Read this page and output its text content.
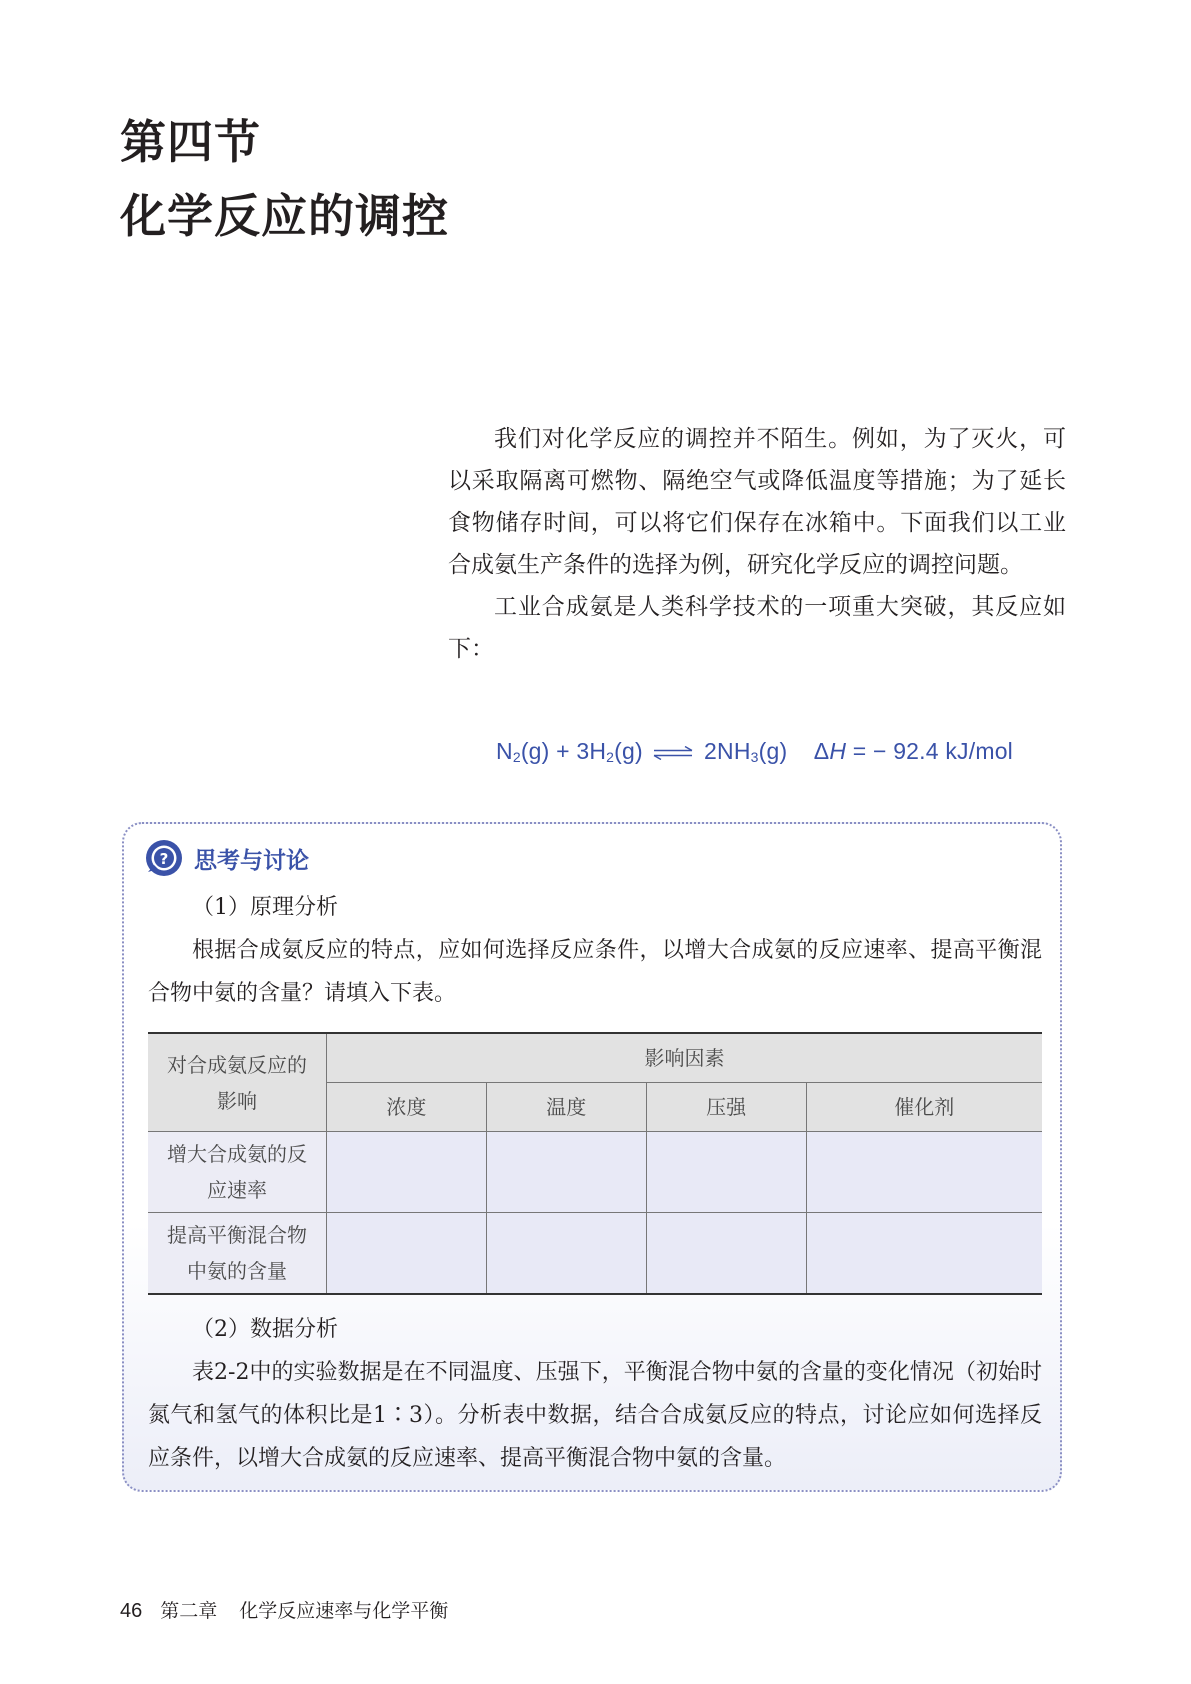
第四节
化学反应的调控

我们对化学反应的调控并不陌生。例如，为了灭火，可以采取隔离可燃物、隔绝空气或降低温度等措施；为了延长食物储存时间，可以将它们保存在冰箱中。下面我们以工业合成氨生产条件的选择为例，研究化学反应的调控问题。

工业合成氨是人类科学技术的一项重大突破，其反应如下：

$N_2(g) + 3H_2(g)$ ⇌ $2NH_3(g) \Delta H$ = − 92.4 kJ/mol
? 思考与讨论
（1）原理分析

根据合成氨反应的特点，应如何选择反应条件，以增大合成氨的反应速率、提高平衡混合物中氨的含量？请填入下表。

对合成氨反应的影响	影响因素			
	浓度	温度	压强	催化剂
增大合成氨的反应速率				
提高平衡混合物中氨的含量				
（2）数据分析

表2-2中的实验数据是在不同温度、压强下，平衡混合物中氨的含量的变化情况（初始时氮气和氢气的体积比是1∶3）。分析表中数据，结合合成氨反应的特点，讨论应如何选择反应条件，以增大合成氨的反应速率、提高平衡混合物中氨的含量。

46 第二章 化学反应速率与化学平衡
